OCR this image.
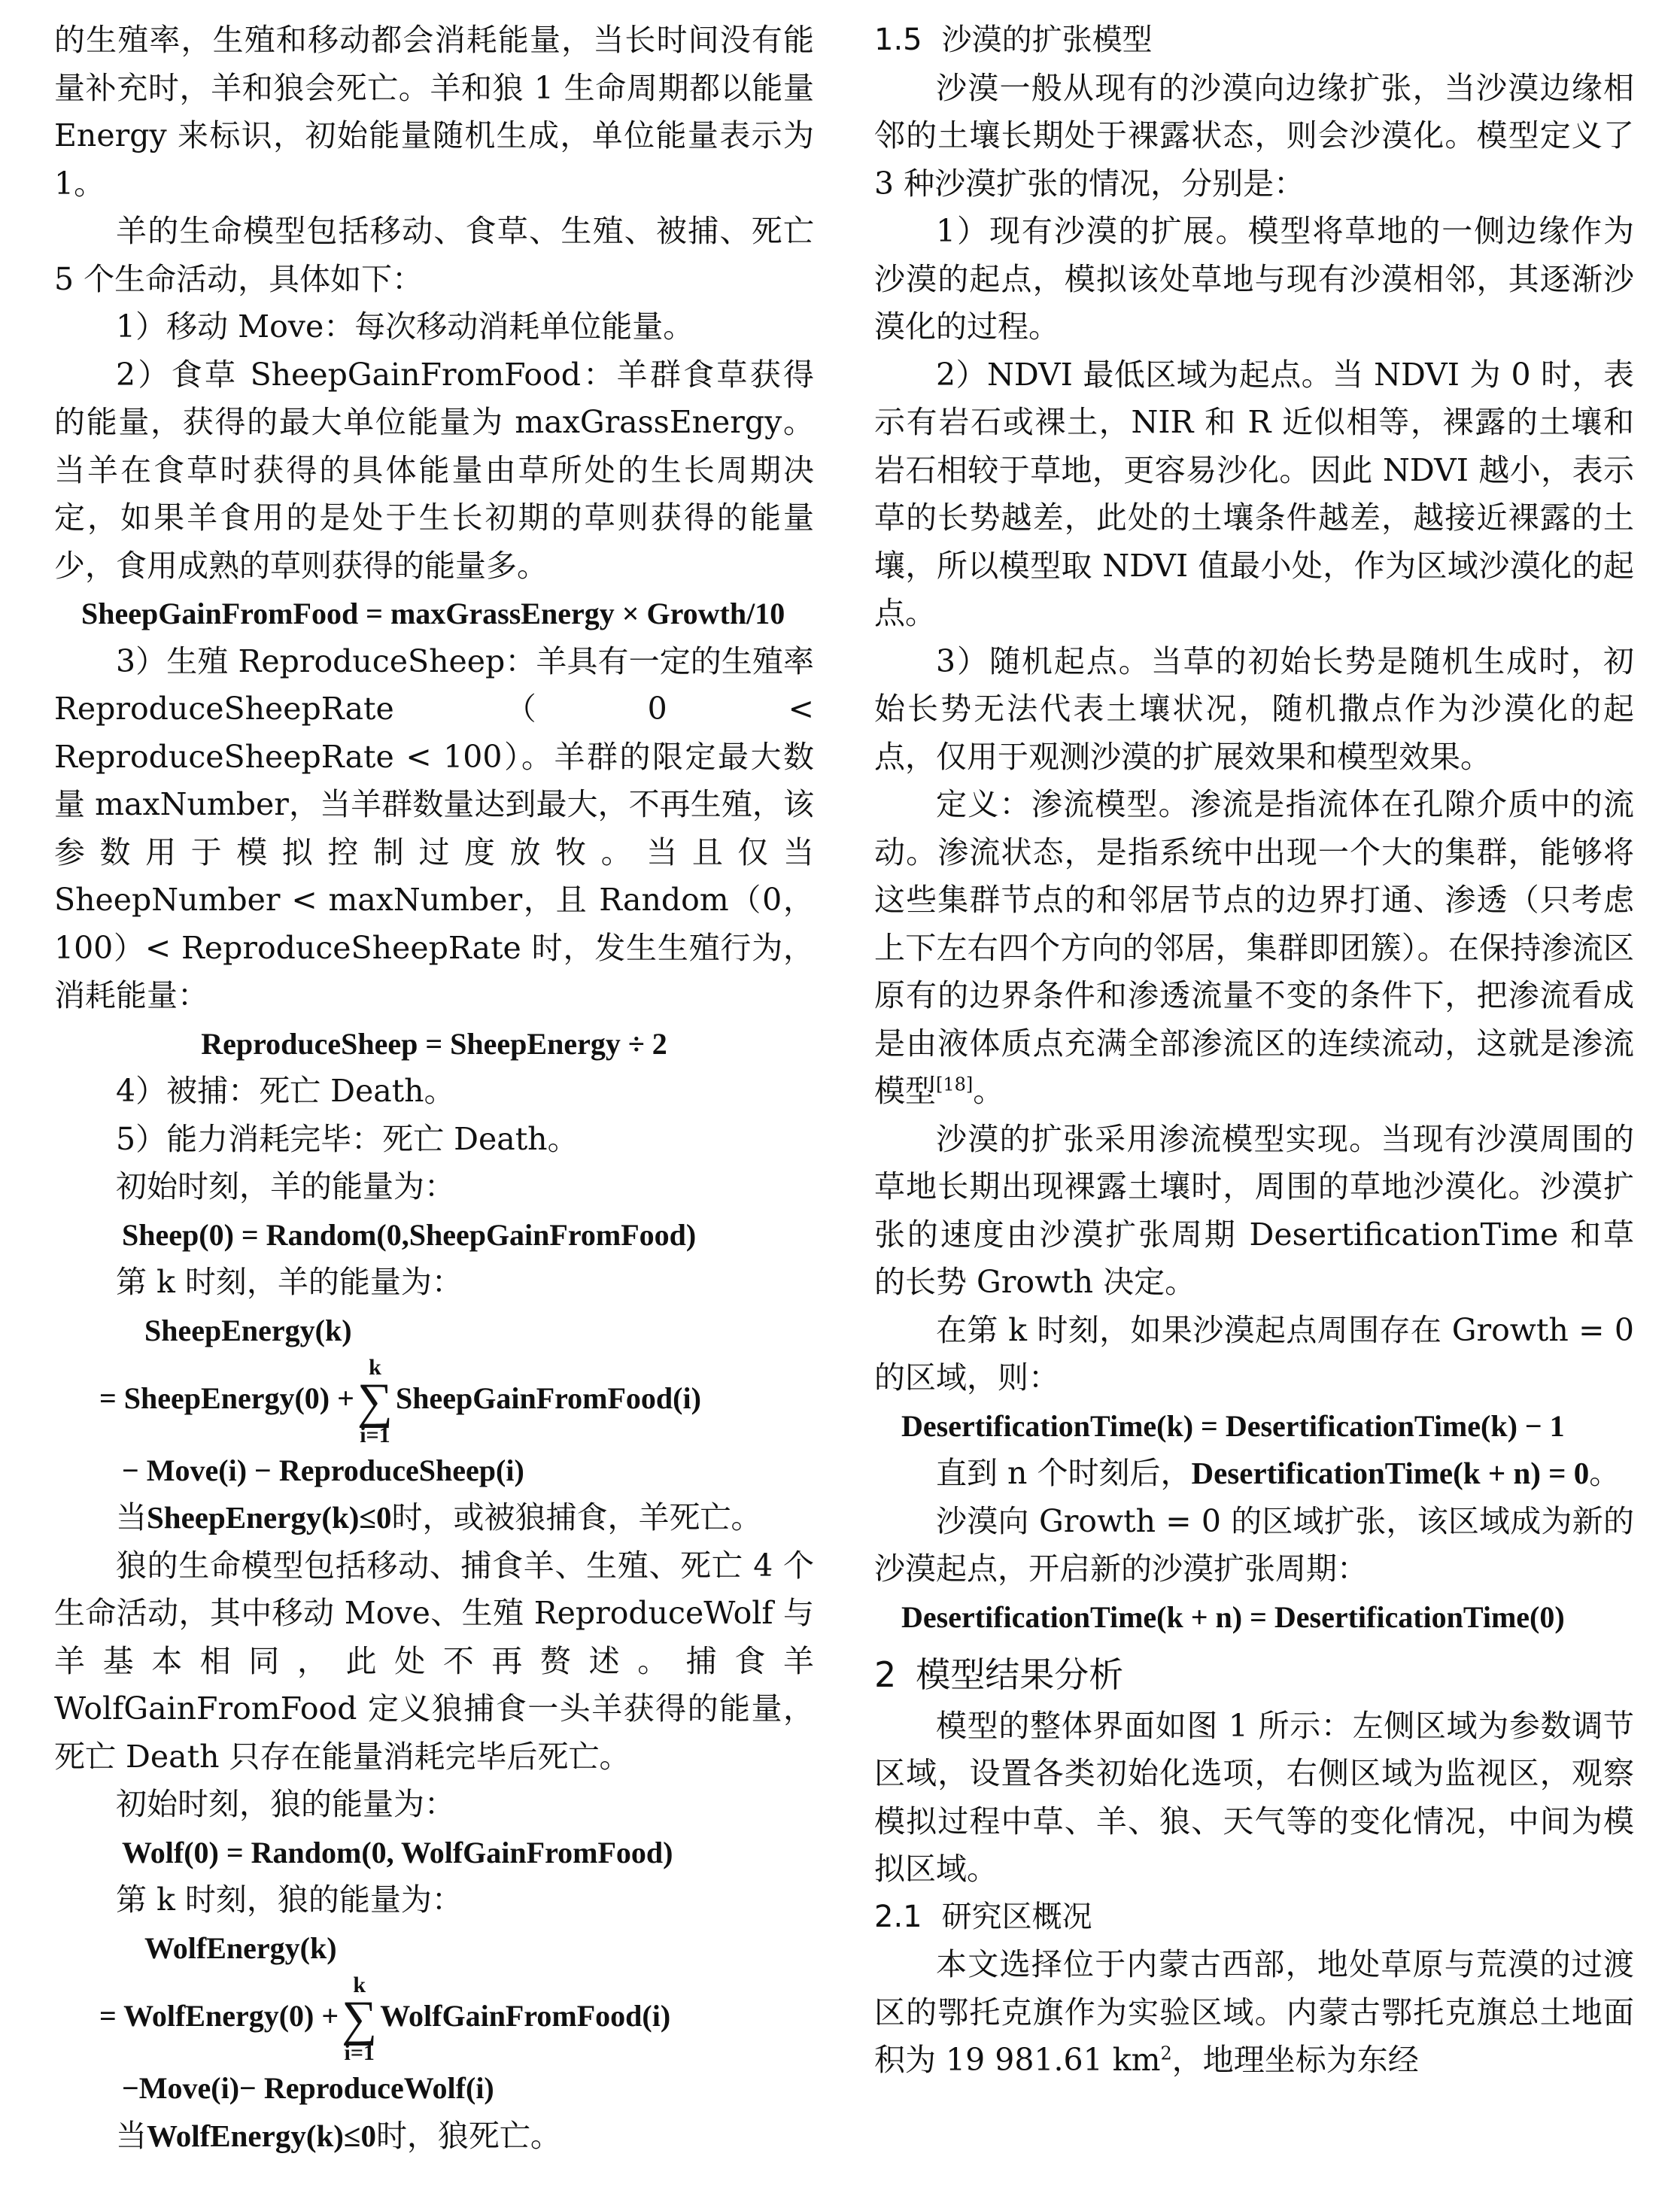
的生殖率，生殖和移动都会消耗能量，当长时间没有能量补充时，羊和狼会死亡。羊和狼 1 生命周期都以能量 Energy 来标识，初始能量随机生成，单位能量表示为 1。

羊的生命模型包括移动、食草、生殖、被捕、死亡 5 个生命活动，具体如下：

1）移动 Move：每次移动消耗单位能量。

2）食草 SheepGainFromFood：羊群食草获得的能量，获得的最大单位能量为 maxGrassEnergy。当羊在食草时获得的具体能量由草所处的生长周期决定，如果羊食用的是处于生长初期的草则获得的能量少，食用成熟的草则获得的能量多。

SheepGainFromFood = maxGrassEnergy × Growth/10

3）生殖 ReproduceSheep：羊具有一定的生殖率 ReproduceSheepRate（0 < ReproduceSheepRate < 100）。羊群的限定最大数量 maxNumber，当羊群数量达到最大，不再生殖，该参数用于模拟控制过度放牧。当且仅当 SheepNumber < maxNumber，且 Random（0，100）< ReproduceSheepRate 时，发生生殖行为，消耗能量：

ReproduceSheep = SheepEnergy ÷ 2

4）被捕：死亡 Death。

5）能力消耗完毕：死亡 Death。

初始时刻，羊的能量为：

Sheep(0) = Random(0,SheepGainFromFood)

第 k 时刻，羊的能量为：

SheepEnergy(k)

= SheepEnergy(0) +k
∑
i=1SheepGainFromFood(i)

− Move(i) − ReproduceSheep(i)

当SheepEnergy(k)≤0时，或被狼捕食，羊死亡。

狼的生命模型包括移动、捕食羊、生殖、死亡 4 个生命活动，其中移动 Move、生殖 ReproduceWolf 与羊基本相同，此处不再赘述。捕食羊 WolfGainFromFood 定义狼捕食一头羊获得的能量，死亡 Death 只存在能量消耗完毕后死亡。

初始时刻，狼的能量为：

Wolf(0) = Random(0, WolfGainFromFood)

第 k 时刻，狼的能量为：

WolfEnergy(k)

= WolfEnergy(0) +k
∑
i=1WolfGainFromFood(i)

−Move(i)− ReproduceWolf(i)

当WolfEnergy(k)≤0时，狼死亡。

1.5 沙漠的扩张模型

沙漠一般从现有的沙漠向边缘扩张，当沙漠边缘相邻的土壤长期处于裸露状态，则会沙漠化。模型定义了 3 种沙漠扩张的情况，分别是：

1）现有沙漠的扩展。模型将草地的一侧边缘作为沙漠的起点，模拟该处草地与现有沙漠相邻，其逐渐沙漠化的过程。

2）NDVI 最低区域为起点。当 NDVI 为 0 时，表示有岩石或裸土，NIR 和 R 近似相等，裸露的土壤和岩石相较于草地，更容易沙化。因此 NDVI 越小，表示草的长势越差，此处的土壤条件越差，越接近裸露的土壤，所以模型取 NDVI 值最小处，作为区域沙漠化的起点。

3）随机起点。当草的初始长势是随机生成时，初始长势无法代表土壤状况，随机撒点作为沙漠化的起点，仅用于观测沙漠的扩展效果和模型效果。

定义：渗流模型。渗流是指流体在孔隙介质中的流动。渗流状态，是指系统中出现一个大的集群，能够将这些集群节点的和邻居节点的边界打通、渗透（只考虑上下左右四个方向的邻居，集群即团簇）。在保持渗流区原有的边界条件和渗透流量不变的条件下，把渗流看成是由液体质点充满全部渗流区的连续流动，这就是渗流模型[18]。

沙漠的扩张采用渗流模型实现。当现有沙漠周围的草地长期出现裸露土壤时，周围的草地沙漠化。沙漠扩张的速度由沙漠扩张周期 DesertificationTime 和草的长势 Growth 决定。

在第 k 时刻，如果沙漠起点周围存在 Growth = 0 的区域，则：

DesertificationTime(k) = DesertificationTime(k) − 1

直到 n 个时刻后，DesertificationTime(k + n) = 0。

沙漠向 Growth = 0 的区域扩张，该区域成为新的沙漠起点，开启新的沙漠扩张周期：

DesertificationTime(k + n) = DesertificationTime(0)

2 模型结果分析

模型的整体界面如图 1 所示：左侧区域为参数调节区域，设置各类初始化选项，右侧区域为监视区，观察模拟过程中草、羊、狼、天气等的变化情况，中间为模拟区域。

2.1 研究区概况

本文选择位于内蒙古西部，地处草原与荒漠的过渡区的鄂托克旗作为实验区域。内蒙古鄂托克旗总土地面积为 19 981.61 $km^2$，地理坐标为东经
